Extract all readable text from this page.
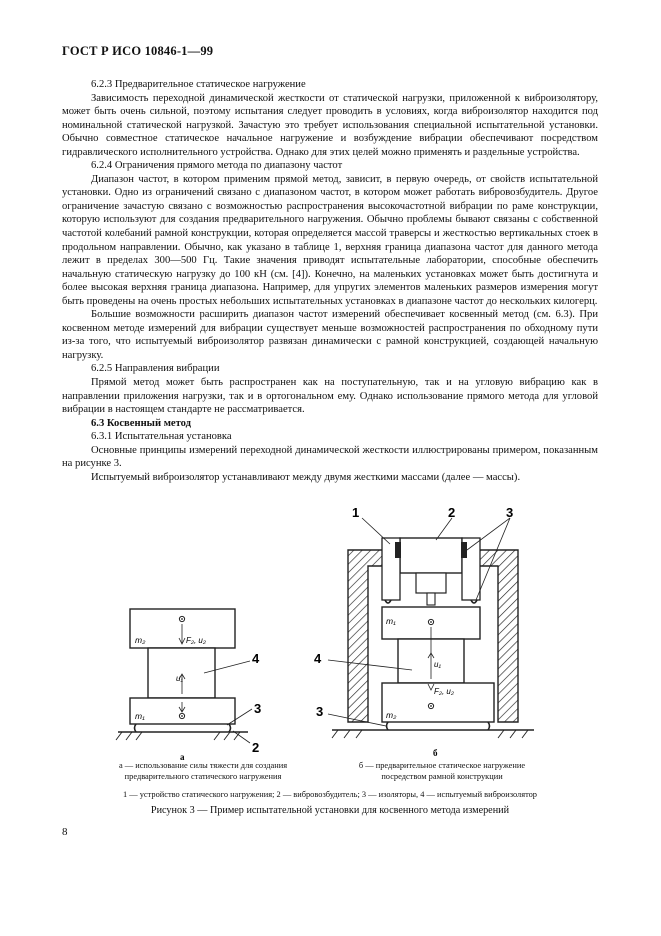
ГОСТ Р ИСО 10846-1—99

6.2.3 Предварительное статическое нагружение

Зависимость переходной динамической жесткости от статической нагрузки, приложенной к виброизолятору, может быть очень сильной, поэтому испытания следует проводить в условиях, когда виброизолятор находится под номинальной статической нагрузкой. Зачастую это требует использования специальной испытательной установки. Обычно совместное статическое начальное нагружение и возбуждение вибрации обеспечивают посредством гидравлического исполнительного устройства. Однако для этих целей можно применять и раздельные устройства.

6.2.4 Ограничения прямого метода по диапазону частот

Диапазон частот, в котором применим прямой метод, зависит, в первую очередь, от свойств испытательной установки. Одно из ограничений связано с диапазоном частот, в котором может работать вибровозбудитель. Другое ограничение зачастую связано с возможностью распространения высокочастотной вибрации по раме конструкции, которую используют для создания предварительного нагружения. Обычно проблемы бывают связаны с собственной частотой колебаний рамной конструкции, которая определяется массой траверсы и жесткостью вертикальных стоек в продольном направлении. Обычно, как указано в таблице 1, верхняя граница диапазона частот для данного метода лежит в пределах 300—500 Гц. Такие значения приводят испытательные лаборатории, способные обеспечить начальную статическую нагрузку до 100 кН (см. [4]). Конечно, на маленьких установках может быть достигнута и более высокая верхняя граница диапазона. Например, для упругих элементов маленьких размеров измерения могут быть проведены на очень простых небольших испытательных установках в диапазоне частот до нескольких килогерц.

Большие возможности расширить диапазон частот измерений обеспечивает косвенный метод (см. 6.3). При косвенном методе измерений для вибрации существует меньше возможностей распространения по обходному пути из-за того, что испытуемый виброизолятор развязан динамически с рамной конструкцией, создающей начальную нагрузку.

6.2.5 Направления вибрации

Прямой метод может быть распространен как на поступательную, так и на угловую вибрацию как в направлении приложения нагрузки, так и в ортогональном ему. Однако использование прямого метода для угловой вибрации в настоящем стандарте не рассматривается.

6.3 Косвенный метод

6.3.1 Испытательная установка

Основные принципы измерений переходной динамической жесткости иллюстрированы примером, показанным на рисунке 3.

Испытуемый виброизолятор устанавливают между двумя жесткими массами (далее — массы).

m₂	F₂, u₂
u₁
m₁
4
3
2
а
m₁
u₁
F₂, u₂
m₂
1	2	3
4
3
б
а — использование силы тяжести для создания предварительного статического нагружения
б — предварительное статическое нагружение посредством рамной конструкции
1 — устройство статического нагружения; 2 — вибровозбудитель; 3 — изоляторы, 4 — испытуемый виброизолятор
Рисунок 3 — Пример испытательной установки для косвенного метода измерений
8
